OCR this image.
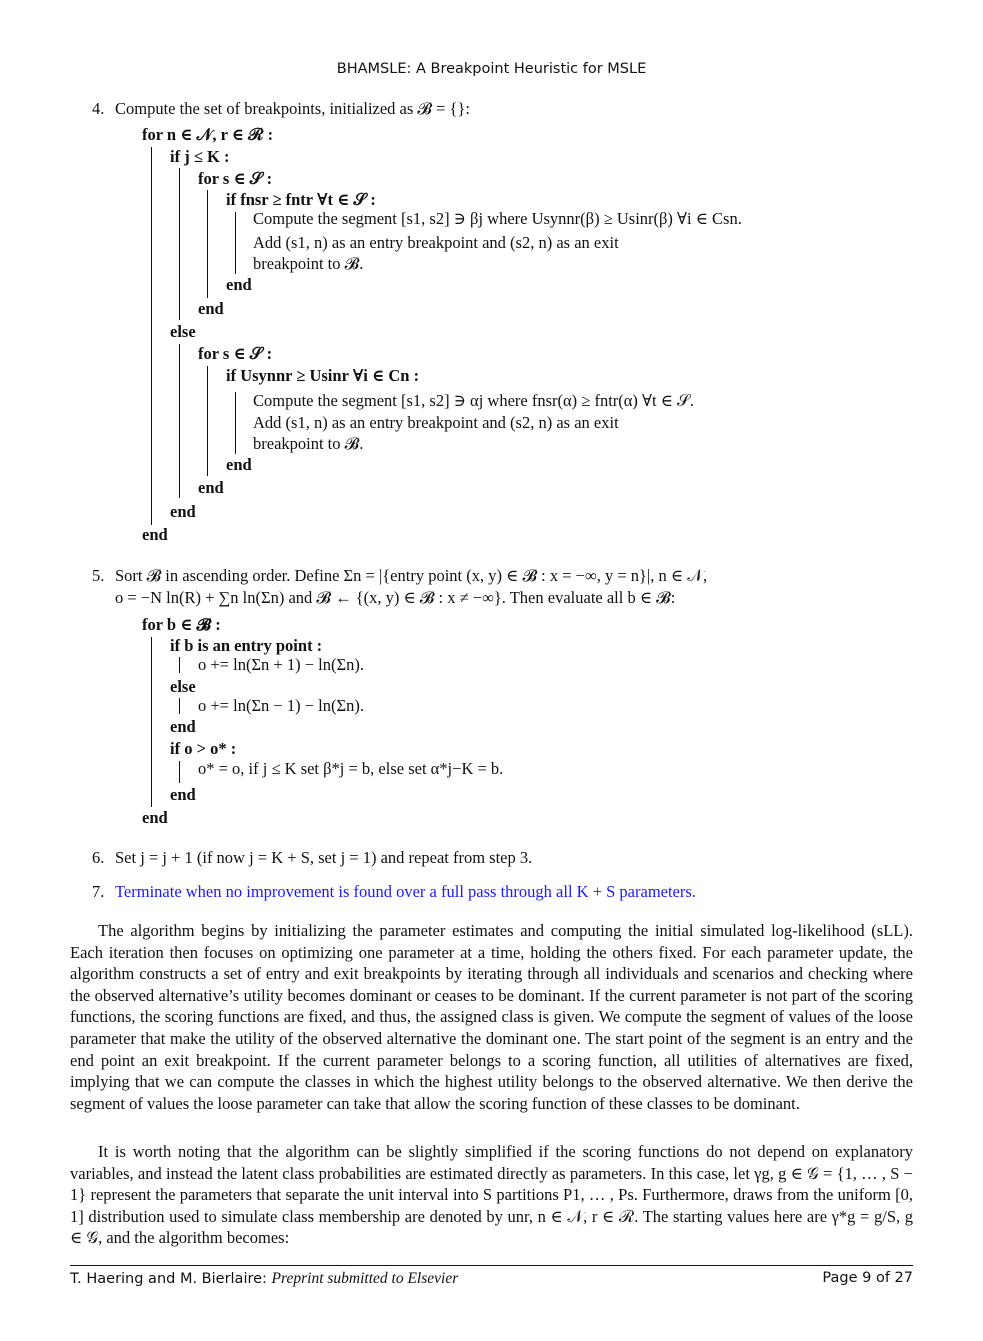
BHAMSLE: A Breakpoint Heuristic for MSLE
4. Compute the set of breakpoints, initialized as 𝓑 = {}:
for n ∈ 𝒩, r ∈ ℛ :
if j ≤ K :
for s ∈ 𝒮 :
if fnsr ≥ fntr ∀t ∈ 𝒮 :
Compute the segment [s1, s2] ∋ βj where Usynnr(β) ≥ Usinr(β) ∀i ∈ Csn.
Add (s1, n) as an entry breakpoint and (s2, n) as an exit
breakpoint to 𝓑.
end
end
else
for s ∈ 𝒮 :
if Usynnr ≥ Usinr ∀i ∈ Cn :
Compute the segment [s1, s2] ∋ αj where fnsr(α) ≥ fntr(α) ∀t ∈ 𝒮.
Add (s1, n) as an entry breakpoint and (s2, n) as an exit
breakpoint to 𝓑.
end
end
end
end
5. Sort 𝓑 in ascending order. Define Σn = |{entry point (x, y) ∈ 𝓑 : x = −∞, y = n}|, n ∈ 𝒩,
o = −N ln(R) + ∑n ln(Σn) and 𝓑 ← {(x, y) ∈ 𝓑 : x ≠ −∞}. Then evaluate all b ∈ 𝓑:
for b ∈ 𝓑 :
if b is an entry point :
o += ln(Σn + 1) − ln(Σn).
else
o += ln(Σn − 1) − ln(Σn).
end
if o > o* :
o* = o, if j ≤ K set β*j = b, else set α*j−K = b.
end
end
6. Set j = j + 1 (if now j = K + S, set j = 1) and repeat from step 3.
7. Terminate when no improvement is found over a full pass through all K + S parameters.
The algorithm begins by initializing the parameter estimates and computing the initial simulated log-likelihood (sLL). Each iteration then focuses on optimizing one parameter at a time, holding the others fixed. For each parameter update, the algorithm constructs a set of entry and exit breakpoints by iterating through all individuals and scenarios and checking where the observed alternative’s utility becomes dominant or ceases to be dominant. If the current parameter is not part of the scoring functions, the scoring functions are fixed, and thus, the assigned class is given. We compute the segment of values of the loose parameter that make the utility of the observed alternative the dominant one. The start point of the segment is an entry and the end point an exit breakpoint. If the current parameter belongs to a scoring function, all utilities of alternatives are fixed, implying that we can compute the classes in which the highest utility belongs to the observed alternative. We then derive the segment of values the loose parameter can take that allow the scoring function of these classes to be dominant.
It is worth noting that the algorithm can be slightly simplified if the scoring functions do not depend on explanatory variables, and instead the latent class probabilities are estimated directly as parameters. In this case, let γg, g ∈ 𝒢 = {1, … , S − 1} represent the parameters that separate the unit interval into S partitions P1, … , Ps. Furthermore, draws from the uniform [0, 1] distribution used to simulate class membership are denoted by unr, n ∈ 𝒩, r ∈ ℛ. The starting values here are γ*g = g/S, g ∈ 𝒢, and the algorithm becomes:
T. Haering and M. Bierlaire: Preprint submitted to Elsevier	Page 9 of 27
